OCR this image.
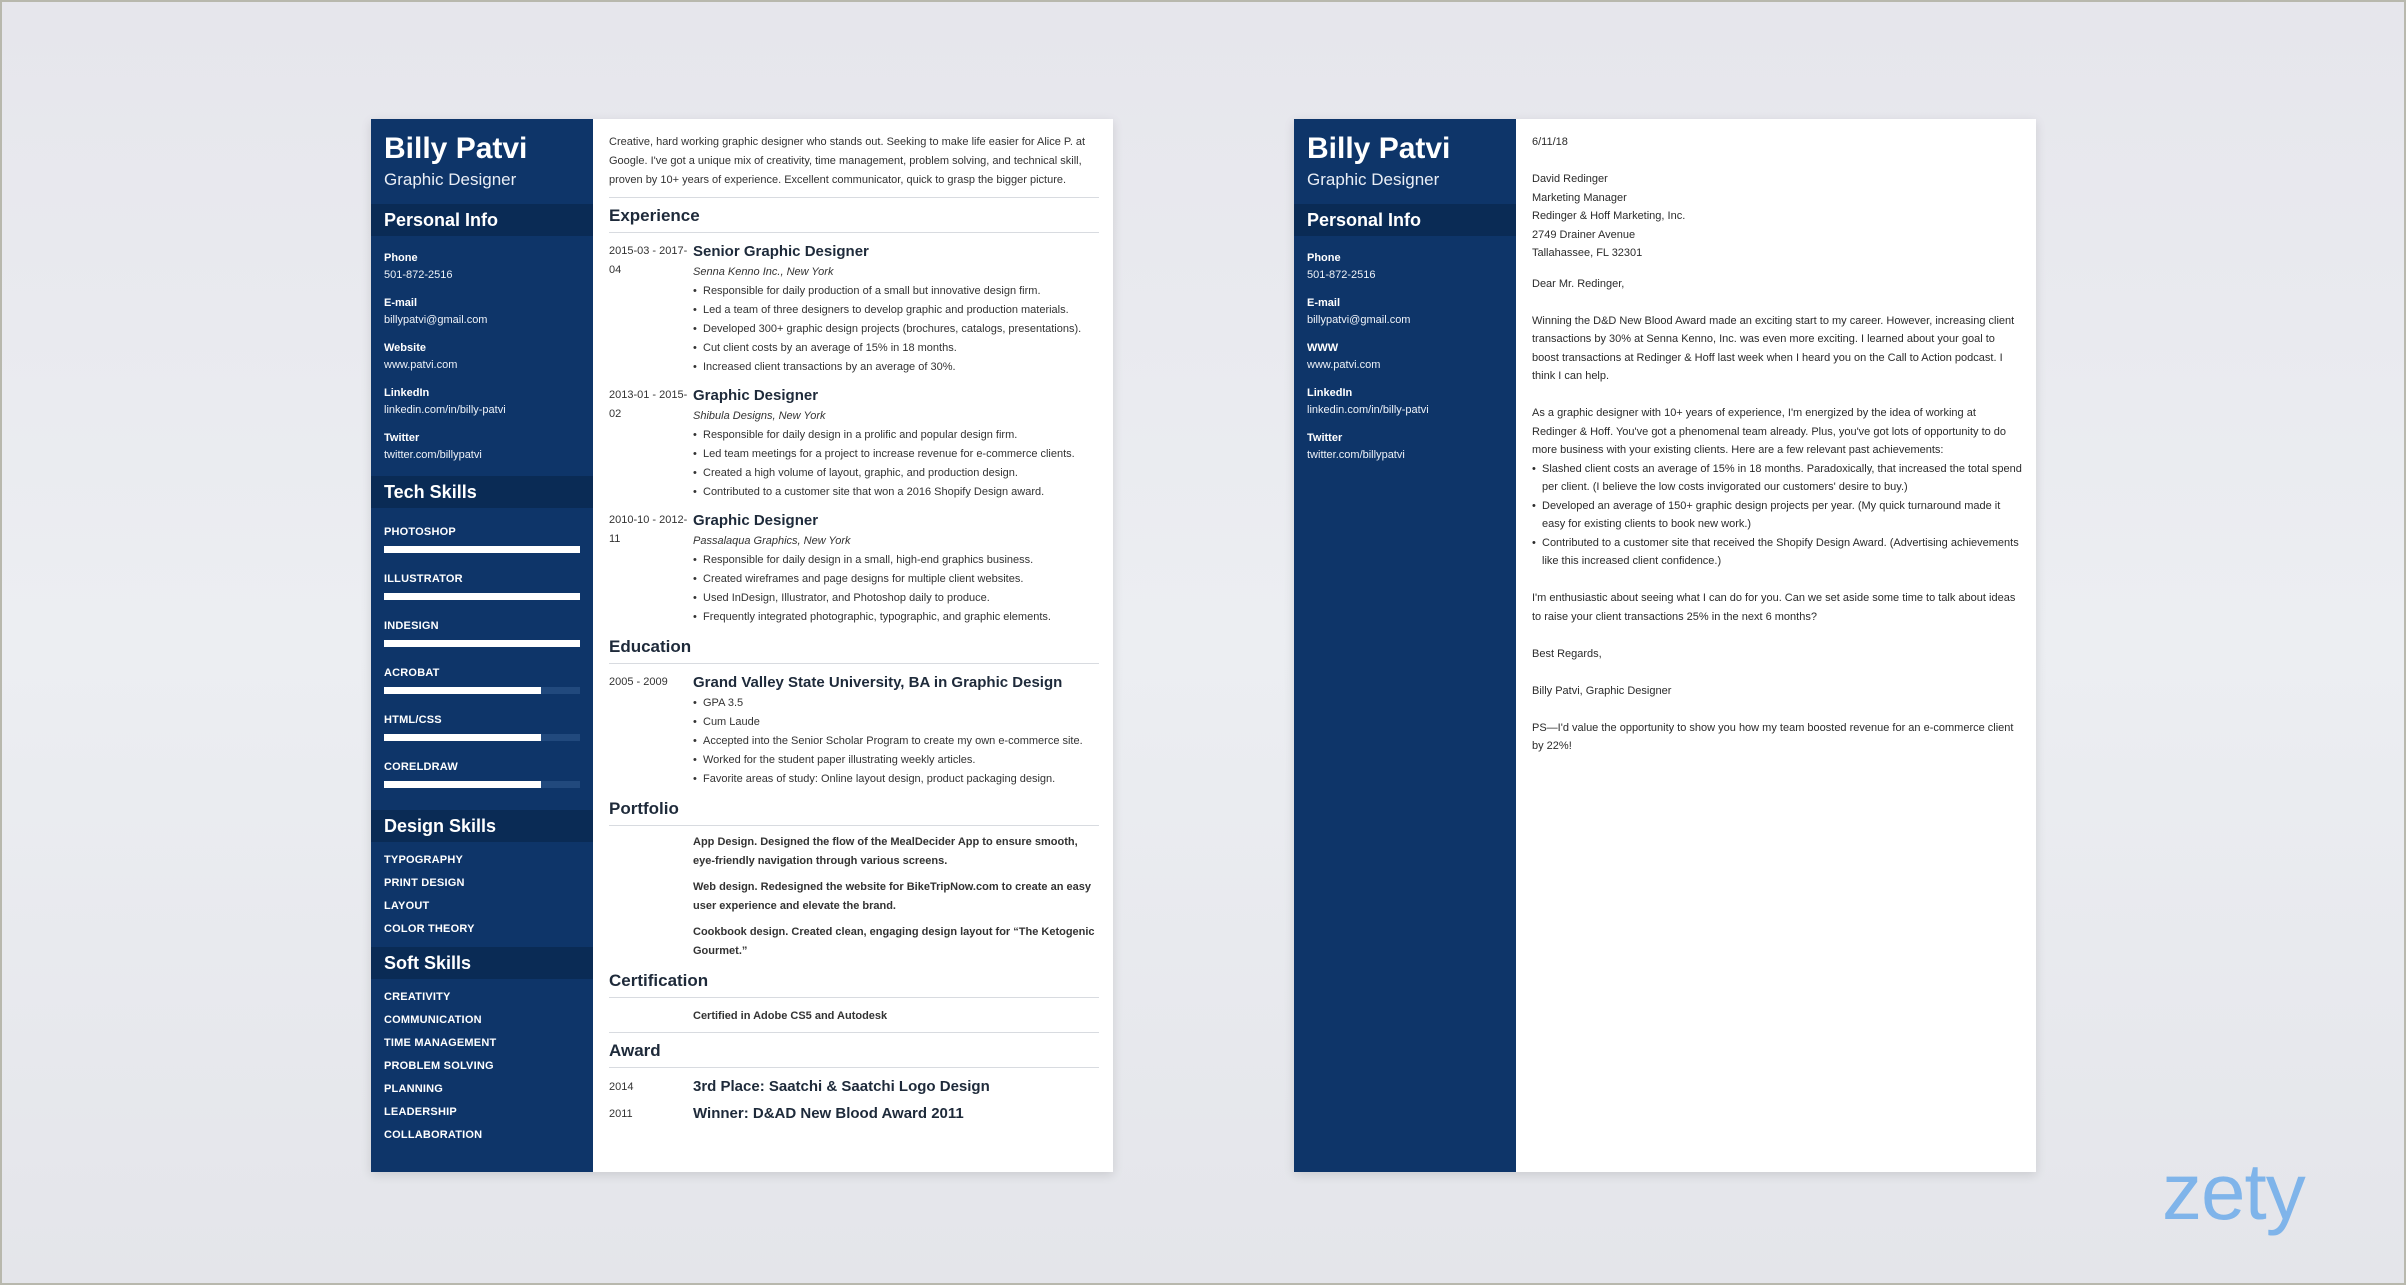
Billy Patvi
Graphic Designer
Personal Info
Phone
501-872-2516
E-mail
billypatvi@gmail.com
Website
www.patvi.com
LinkedIn
linkedin.com/in/billy-patvi
Twitter
twitter.com/billypatvi
Tech Skills
PHOTOSHOP
ILLUSTRATOR
INDESIGN
ACROBAT
HTML/CSS
CORELDRAW
Design Skills
TYPOGRAPHY
PRINT DESIGN
LAYOUT
COLOR THEORY
Soft Skills
CREATIVITY
COMMUNICATION
TIME MANAGEMENT
PROBLEM SOLVING
PLANNING
LEADERSHIP
COLLABORATION
Creative, hard working graphic designer who stands out. Seeking to make life easier for Alice P. at Google. I've got a unique mix of creativity, time management, problem solving, and technical skill, proven by 10+ years of experience. Excellent communicator, quick to grasp the bigger picture.
Experience
2015-03 - 2017-04
Senior Graphic Designer
Senna Kenno Inc., New York
• Responsible for daily production of a small but innovative design firm.
• Led a team of three designers to develop graphic and production materials.
• Developed 300+ graphic design projects (brochures, catalogs, presentations).
• Cut client costs by an average of 15% in 18 months.
• Increased client transactions by an average of 30%.
2013-01 - 2015-02
Graphic Designer
Shibula Designs, New York
• Responsible for daily design in a prolific and popular design firm.
• Led team meetings for a project to increase revenue for e-commerce clients.
• Created a high volume of layout, graphic, and production design.
• Contributed to a customer site that won a 2016 Shopify Design award.
2010-10 - 2012-11
Graphic Designer
Passalaqua Graphics, New York
• Responsible for daily design in a small, high-end graphics business.
• Created wireframes and page designs for multiple client websites.
• Used InDesign, Illustrator, and Photoshop daily to produce.
• Frequently integrated photographic, typographic, and graphic elements.
Education
2005 - 2009	Grand Valley State University, BA in Graphic Design
• GPA 3.5
• Cum Laude
• Accepted into the Senior Scholar Program to create my own e-commerce site.
• Worked for the student paper illustrating weekly articles.
• Favorite areas of study: Online layout design, product packaging design.
Portfolio
App Design. Designed the flow of the MealDecider App to ensure smooth, eye-friendly navigation through various screens.
Web design. Redesigned the website for BikeTripNow.com to create an easy user experience and elevate the brand.
Cookbook design. Created clean, engaging design layout for “The Ketogenic Gourmet.”
Certification
Certified in Adobe CS5 and Autodesk
Award
2014	3rd Place: Saatchi & Saatchi Logo Design
2011	Winner: D&AD New Blood Award 2011
Billy Patvi
Graphic Designer
Personal Info
Phone
501-872-2516
E-mail
billypatvi@gmail.com
WWW
www.patvi.com
LinkedIn
linkedin.com/in/billy-patvi
Twitter
twitter.com/billypatvi

6/11/18

David Redinger

Marketing Manager

Redinger & Hoff Marketing, Inc.

2749 Drainer Avenue

Tallahassee, FL 32301

Dear Mr. Redinger,

Winning the D&D New Blood Award made an exciting start to my career. However, increasing client transactions by 30% at Senna Kenno, Inc. was even more exciting. I learned about your goal to boost transactions at Redinger & Hoff last week when I heard you on the Call to Action podcast. I think I can help.

As a graphic designer with 10+ years of experience, I'm energized by the idea of working at Redinger & Hoff. You've got a phenomenal team already. Plus, you've got lots of opportunity to do more business with your existing clients. Here are a few relevant past achievements:

• Slashed client costs an average of 15% in 18 months. Paradoxically, that increased the total spend per client. (I believe the low costs invigorated our customers' desire to buy.)
• Developed an average of 150+ graphic design projects per year. (My quick turnaround made it easy for existing clients to book new work.)
• Contributed to a customer site that received the Shopify Design Award. (Advertising achievements like this increased client confidence.)

I'm enthusiastic about seeing what I can do for you. Can we set aside some time to talk about ideas to raise your client transactions 25% in the next 6 months?

Best Regards,

Billy Patvi, Graphic Designer

PS—I'd value the opportunity to show you how my team boosted revenue for an e-commerce client by 22%!

zety
